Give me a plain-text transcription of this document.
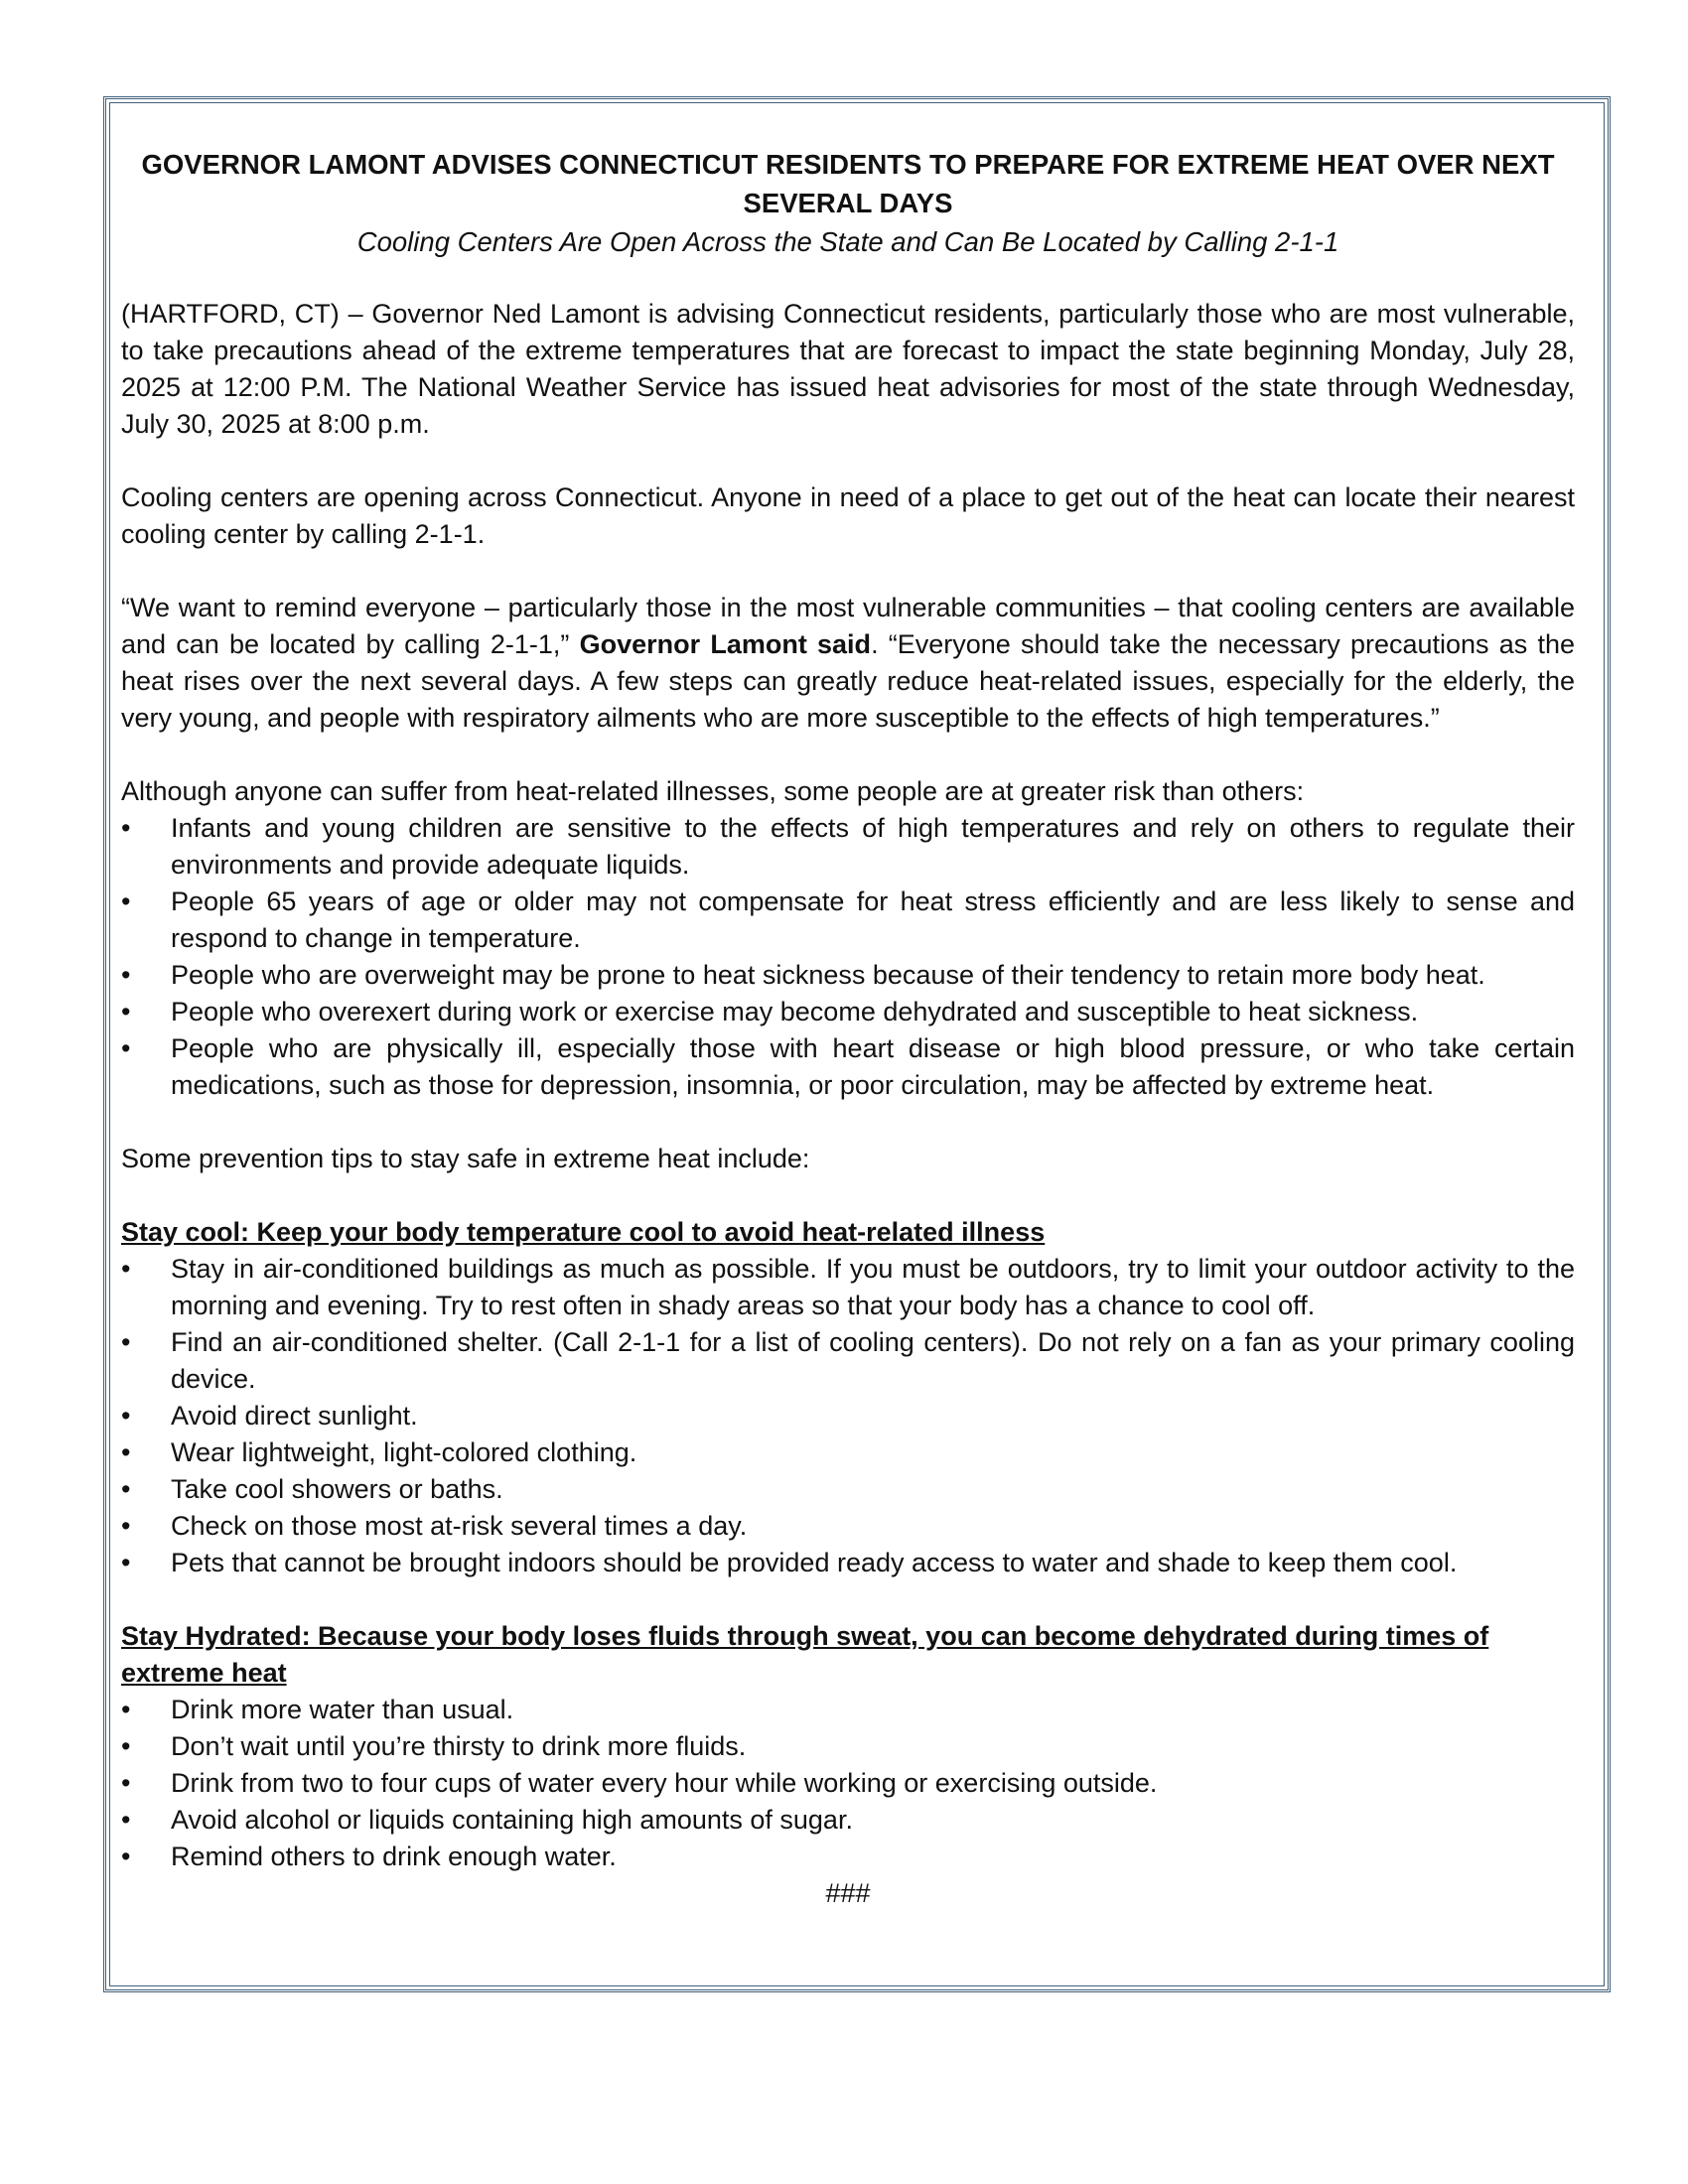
GOVERNOR LAMONT ADVISES CONNECTICUT RESIDENTS TO PREPARE FOR EXTREME HEAT OVER NEXT SEVERAL DAYS
Cooling Centers Are Open Across the State and Can Be Located by Calling 2-1-1

(HARTFORD, CT) – Governor Ned Lamont is advising Connecticut residents, particularly those who are most vulnerable, to take precautions ahead of the extreme temperatures that are forecast to impact the state beginning Monday, July 28, 2025 at 12:00 P.M. The National Weather Service has issued heat advisories for most of the state through Wednesday, July 30, 2025 at 8:00 p.m.

Cooling centers are opening across Connecticut. Anyone in need of a place to get out of the heat can locate their nearest cooling center by calling 2-1-1.

“We want to remind everyone – particularly those in the most vulnerable communities – that cooling centers are available and can be located by calling 2-1-1,” Governor Lamont said. “Everyone should take the necessary precautions as the heat rises over the next several days. A few steps can greatly reduce heat-related issues, especially for the elderly, the very young, and people with respiratory ailments who are more susceptible to the effects of high temperatures.”

Although anyone can suffer from heat-related illnesses, some people are at greater risk than others:

• Infants and young children are sensitive to the effects of high temperatures and rely on others to regulate their environments and provide adequate liquids.
• People 65 years of age or older may not compensate for heat stress efficiently and are less likely to sense and respond to change in temperature.
• People who are overweight may be prone to heat sickness because of their tendency to retain more body heat.
• People who overexert during work or exercise may become dehydrated and susceptible to heat sickness.
• People who are physically ill, especially those with heart disease or high blood pressure, or who take certain medications, such as those for depression, insomnia, or poor circulation, may be affected by extreme heat.

Some prevention tips to stay safe in extreme heat include:

Stay cool: Keep your body temperature cool to avoid heat-related illness
• Stay in air-conditioned buildings as much as possible. If you must be outdoors, try to limit your outdoor activity to the morning and evening. Try to rest often in shady areas so that your body has a chance to cool off.
• Find an air-conditioned shelter. (Call 2-1-1 for a list of cooling centers). Do not rely on a fan as your primary cooling device.
• Avoid direct sunlight.
• Wear lightweight, light-colored clothing.
• Take cool showers or baths.
• Check on those most at-risk several times a day.
• Pets that cannot be brought indoors should be provided ready access to water and shade to keep them cool.
Stay Hydrated: Because your body loses fluids through sweat, you can become dehydrated during times of extreme heat
• Drink more water than usual.
• Don’t wait until you’re thirsty to drink more fluids.
• Drink from two to four cups of water every hour while working or exercising outside.
• Avoid alcohol or liquids containing high amounts of sugar.
• Remind others to drink enough water.
###
